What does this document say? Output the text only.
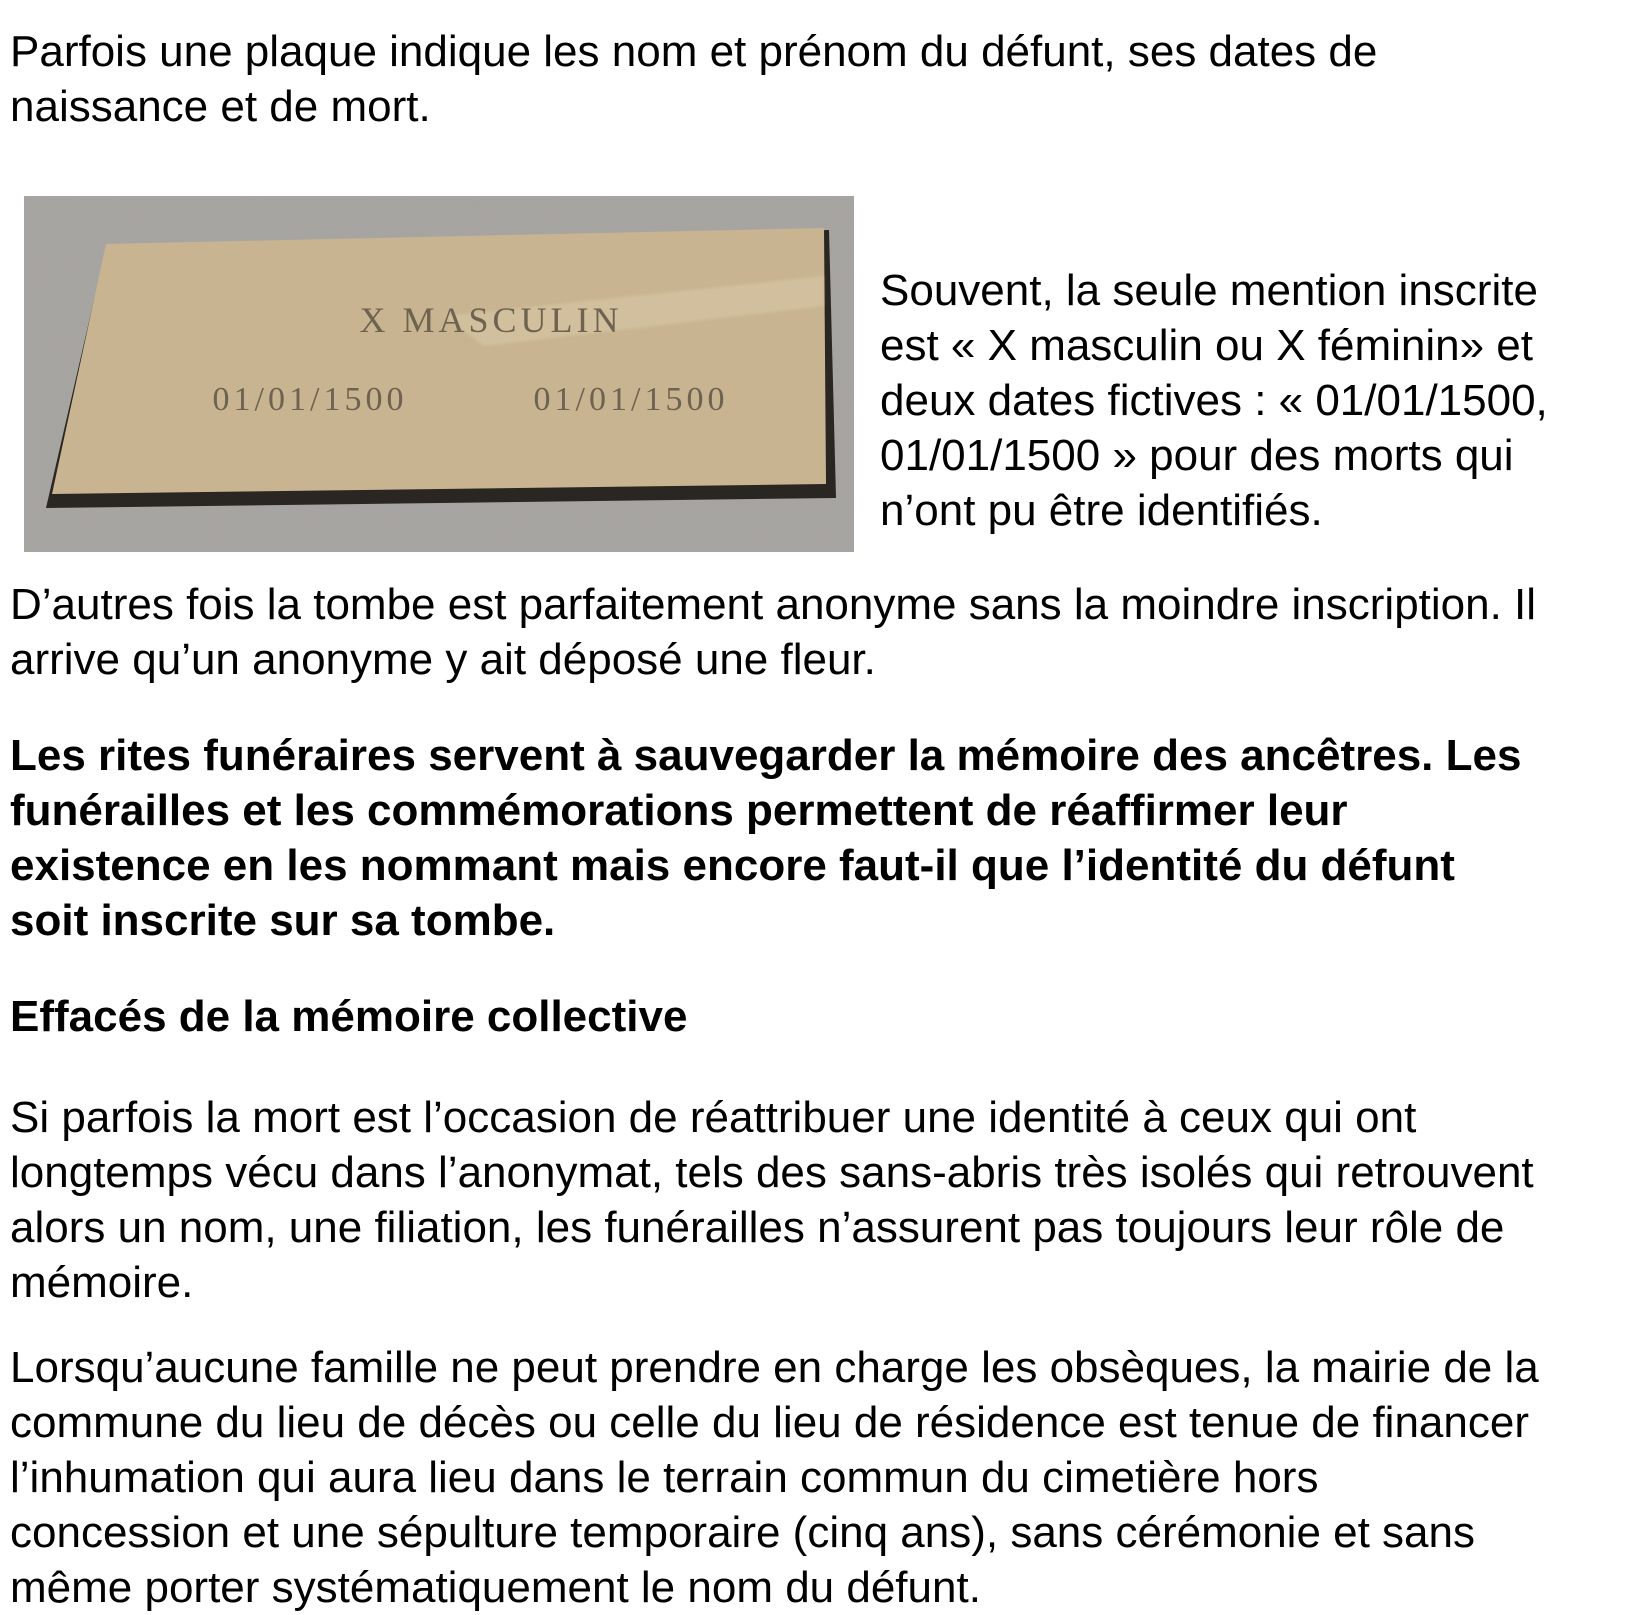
Parfois une plaque indique les nom et prénom du défunt, ses dates de
naissance et de mort.

X MASCULIN
01/01/1500	01/01/1500

Souvent, la seule mention inscrite
est « X masculin ou X féminin» et
deux dates fictives : « 01/01/1500,
01/01/1500 » pour des morts qui
n’ont pu être identifiés.

D’autres fois la tombe est parfaitement anonyme sans la moindre inscription. Il
arrive qu’un anonyme y ait déposé une fleur.

Les rites funéraires servent à sauvegarder la mémoire des ancêtres. Les
funérailles et les commémorations permettent de réaffirmer leur
existence en les nommant mais encore faut-il que l’identité du défunt
soit inscrite sur sa tombe.

Effacés de la mémoire collective

Si parfois la mort est l’occasion de réattribuer une identité à ceux qui ont
longtemps vécu dans l’anonymat, tels des sans-abris très isolés qui retrouvent
alors un nom, une filiation, les funérailles n’assurent pas toujours leur rôle de
mémoire.

Lorsqu’aucune famille ne peut prendre en charge les obsèques, la mairie de la
commune du lieu de décès ou celle du lieu de résidence est tenue de financer
l’inhumation qui aura lieu dans le terrain commun du cimetière hors
concession et une sépulture temporaire (cinq ans), sans cérémonie et sans
même porter systématiquement le nom du défunt.
